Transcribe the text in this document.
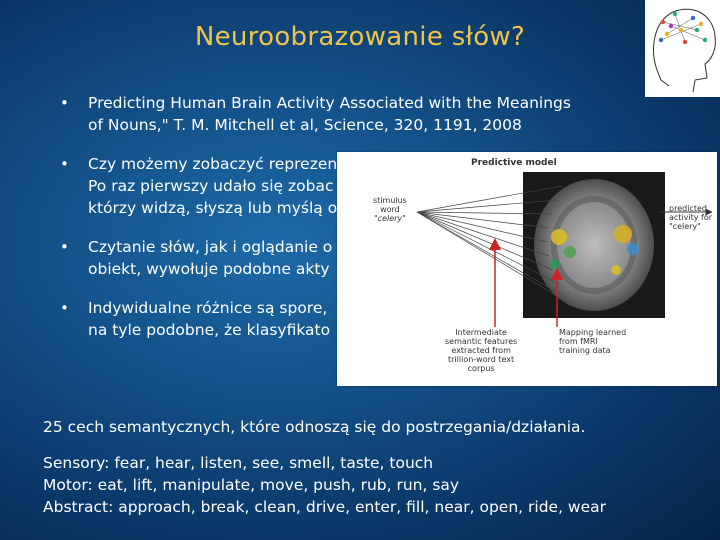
Neuroobrazowanie słów?
• Predicting Human Brain Activity Associated with the Meanings
of Nouns," T. M. Mitchell et al, Science, 320, 1191, 2008
• Czy możemy zobaczyć reprezen
Po raz pierwszy udało się zobac
którzy widzą, słyszą lub myślą o
• Czytanie słów, jak i oglądanie o
obiekt, wywołuje podobne akty
• Indywidualne różnice są spore,
na tyle podobne, że klasyfikato
25 cech semantycznych, które odnoszą się do postrzegania/działania.
Sensory: fear, hear, listen, see, smell, taste, touch
Motor: eat, lift, manipulate, move, push, rub, run, say
Abstract: approach, break, clean, drive, enter, fill, near, open, ride, wear
Predictive model
stimulus
word
"celery"
predicted
activity for
"celery"
Intermediate
semantic features
extracted from
trillion-word text
corpus
Mapping learned
from fMRI
training data
